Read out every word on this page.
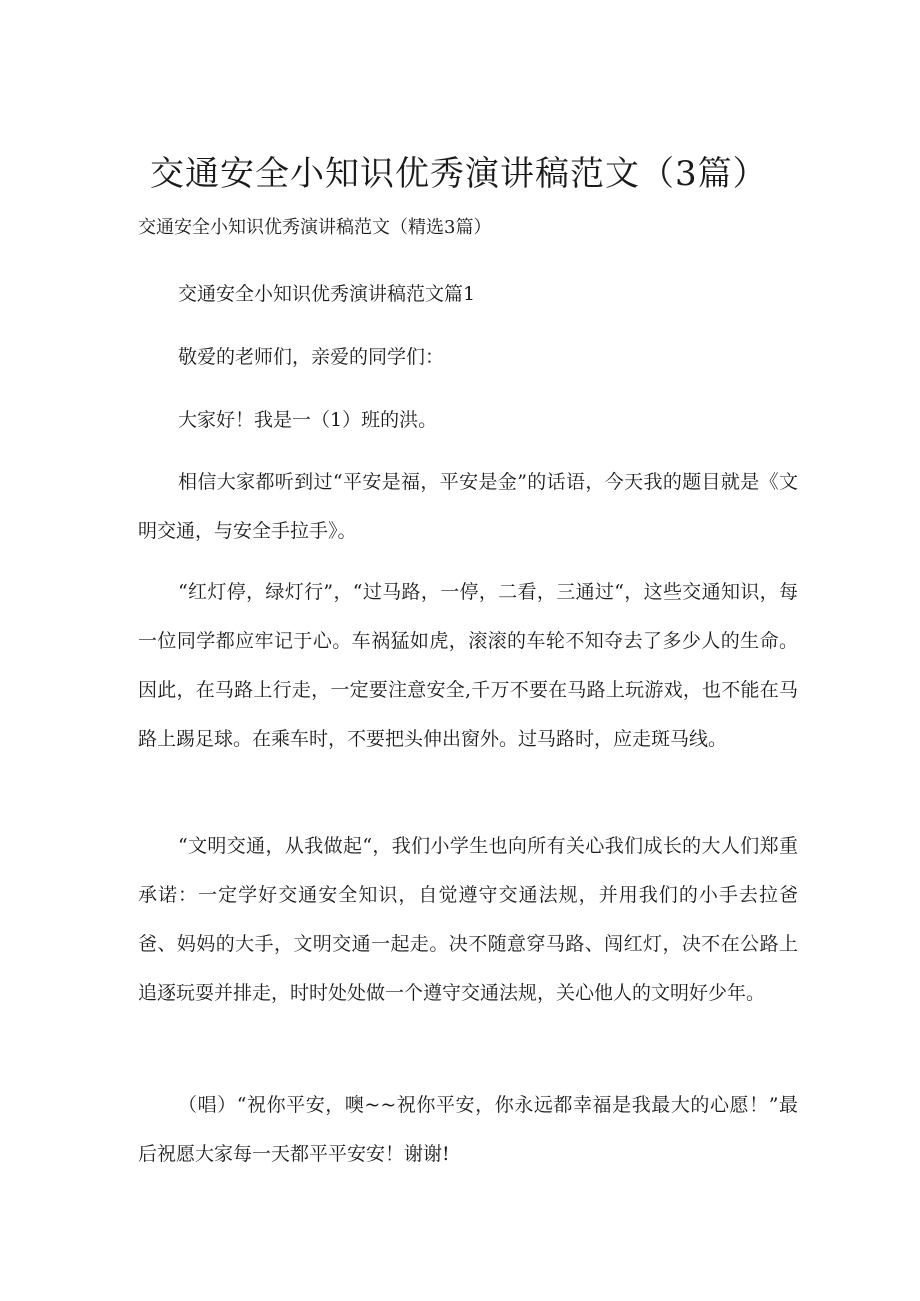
交通安全小知识优秀演讲稿范文（3篇）
交通安全小知识优秀演讲稿范文（精选3篇）
交通安全小知识优秀演讲稿范文篇1
敬爱的老师们，亲爱的同学们：
大家好！我是一（1）班的洪。
相信大家都听到过“平安是福，平安是金”的话语，今天我的题目就是《文明交通，与安全手拉手》。
“红灯停，绿灯行”，“过马路，一停，二看，三通过“，这些交通知识，每一位同学都应牢记于心。车祸猛如虎，滚滚的车轮不知夺去了多少人的生命。因此，在马路上行走，一定要注意安全,千万不要在马路上玩游戏，也不能在马路上踢足球。在乘车时，不要把头伸出窗外。过马路时，应走斑马线。
“文明交通，从我做起“，我们小学生也向所有关心我们成长的大人们郑重承诺：一定学好交通安全知识，自觉遵守交通法规，并用我们的小手去拉爸爸、妈妈的大手，文明交通一起走。决不随意穿马路、闯红灯，决不在公路上追逐玩耍并排走，时时处处做一个遵守交通法规，关心他人的文明好少年。
（唱）“祝你平安，噢~~祝你平安，你永远都幸福是我最大的心愿！”最后祝愿大家每一天都平平安安！谢谢!
